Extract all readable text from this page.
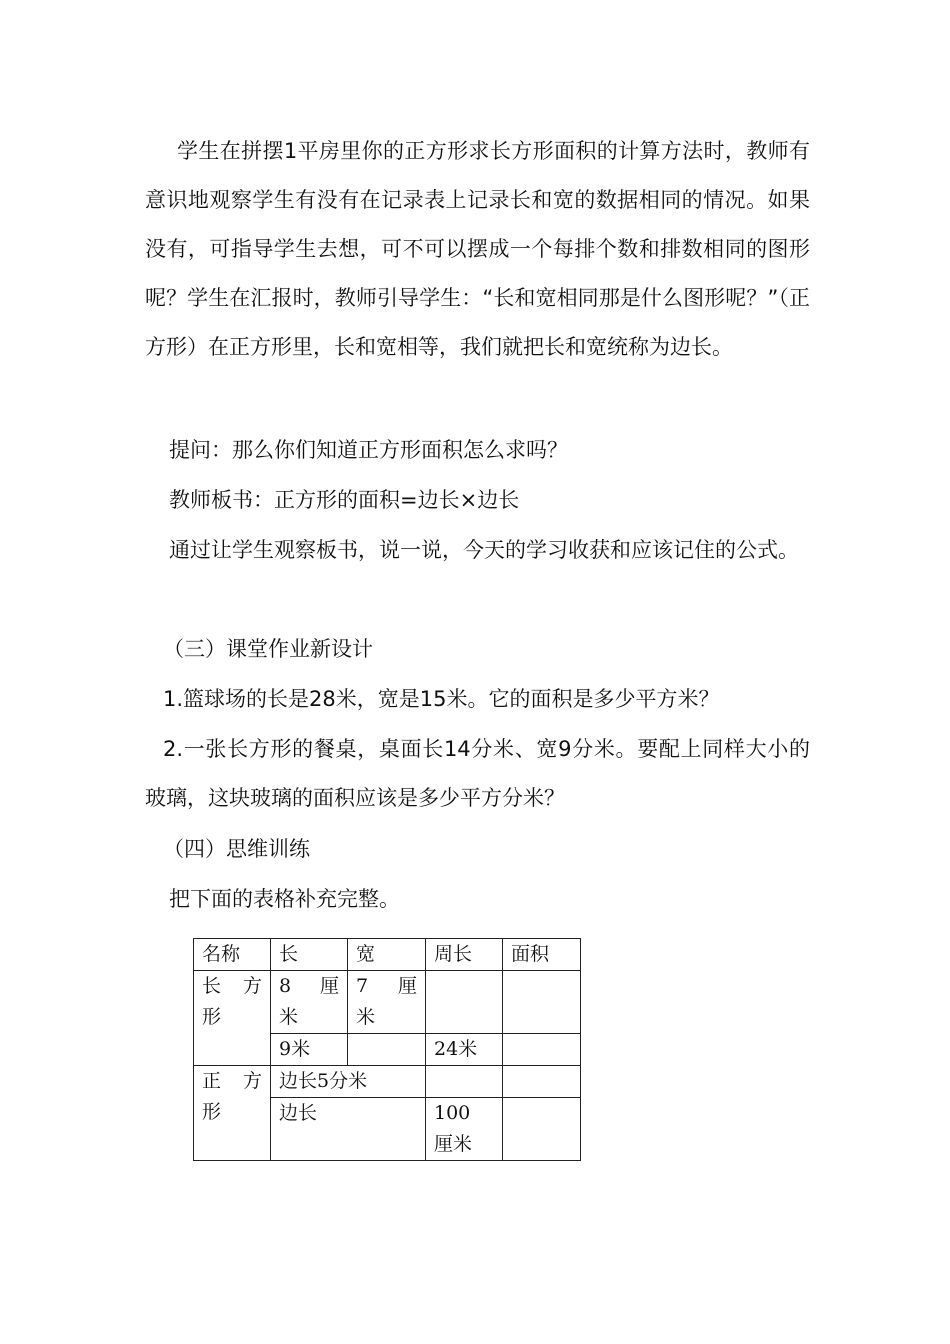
学生在拼摆1平房里你的正方形求长方形面积的计算方法时，教师有意识地观察学生有没有在记录表上记录长和宽的数据相同的情况。如果没有，可指导学生去想，可不可以摆成一个每排个数和排数相同的图形呢？学生在汇报时，教师引导学生：“长和宽相同那是什么图形呢？”（正方形）在正方形里，长和宽相等，我们就把长和宽统称为边长。

提问：那么你们知道正方形面积怎么求吗？

教师板书：正方形的面积=边长×边长

通过让学生观察板书，说一说，今天的学习收获和应该记住的公式。

（三）课堂作业新设计

1.篮球场的长是28米，宽是15米。它的面积是多少平方米？

2.一张长方形的餐桌，桌面长14分米、宽9分米。要配上同样大小的玻璃，这块玻璃的面积应该是多少平方分米？

（四）思维训练

把下面的表格补充完整。

名称	长	宽	周长	面积
长 方 形	8 厘 米	7 厘 米		
	9米		24米	
正 方 形	边长5分米			
	边长		100 厘米	
